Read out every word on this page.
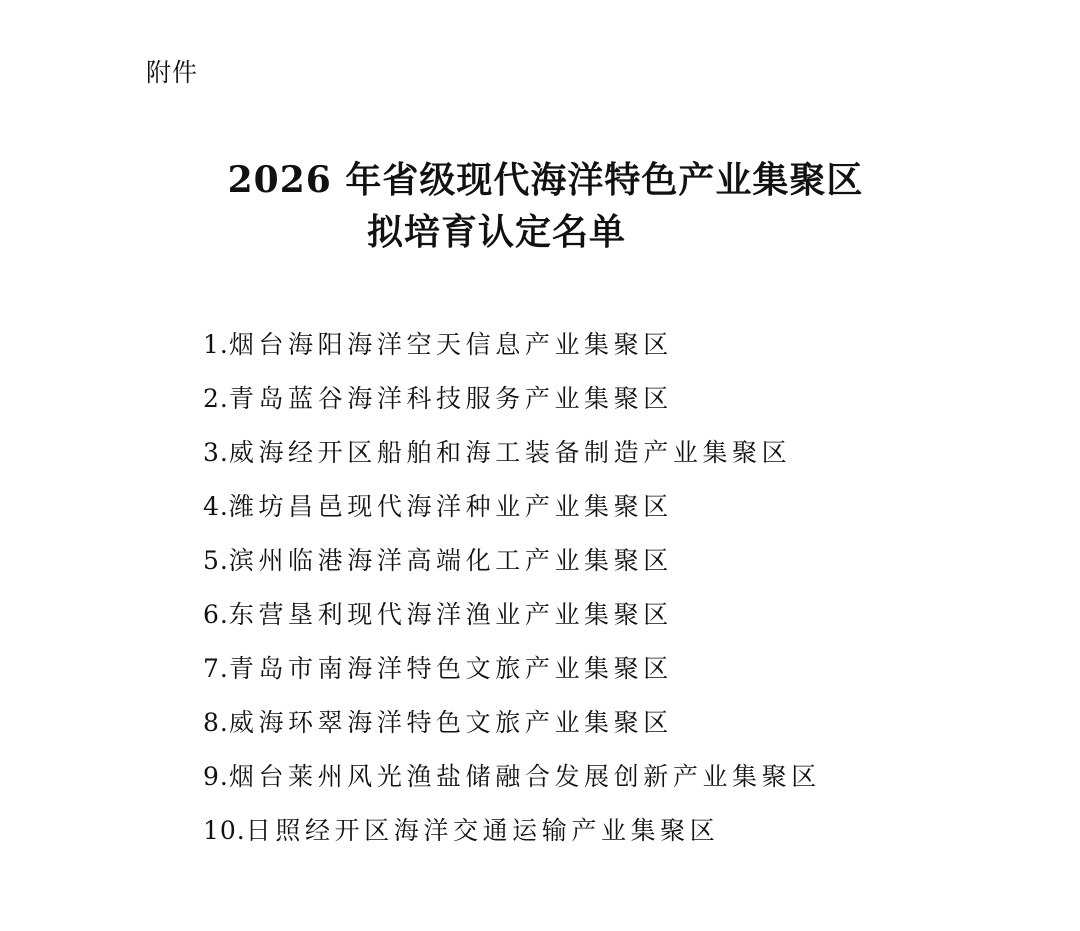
附件
2026 年省级现代海洋特色产业集聚区
拟培育认定名单
1.烟台海阳海洋空天信息产业集聚区
2.青岛蓝谷海洋科技服务产业集聚区
3.威海经开区船舶和海工装备制造产业集聚区
4.潍坊昌邑现代海洋种业产业集聚区
5.滨州临港海洋高端化工产业集聚区
6.东营垦利现代海洋渔业产业集聚区
7.青岛市南海洋特色文旅产业集聚区
8.威海环翠海洋特色文旅产业集聚区
9.烟台莱州风光渔盐储融合发展创新产业集聚区
10.日照经开区海洋交通运输产业集聚区
